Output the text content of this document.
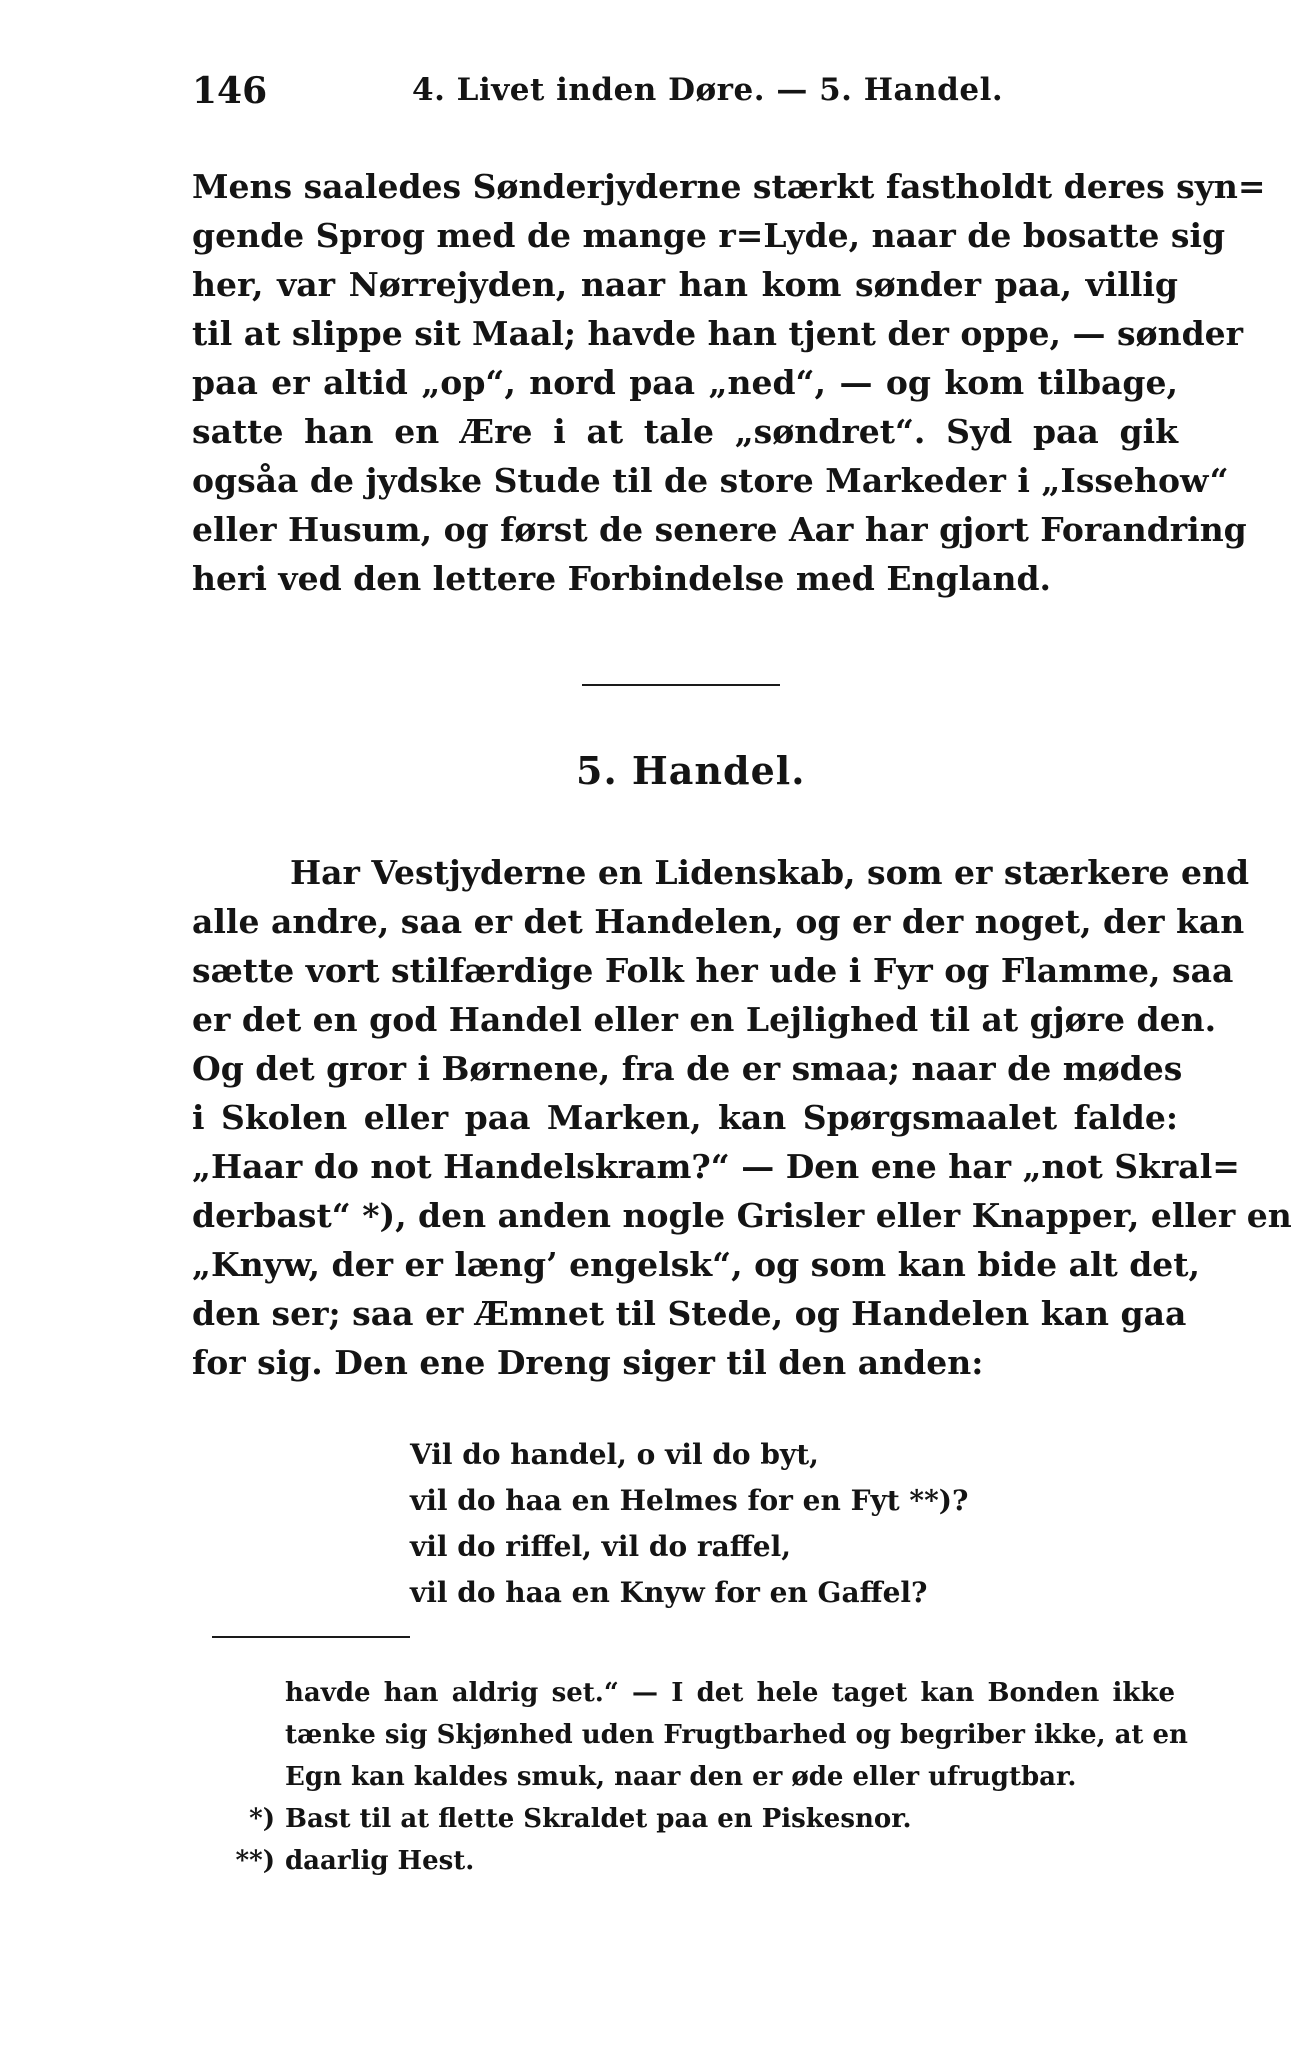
146	4. Livet inden Døre. — 5. Handel.
Mens saaledes Sønderjyderne stærkt fastholdt deres syn=
gende Sprog med de mange r=Lyde, naar de bosatte sig
her, var Nørrejyden, naar han kom sønder paa, villig
til at slippe sit Maal; havde han tjent der oppe, — sønder
paa er altid „op“, nord paa „ned“, — og kom tilbage,
satte han en Ære i at tale „søndret“. Syd paa gik
ogsåa de jydske Stude til de store Markeder i „Issehow“
eller Husum, og først de senere Aar har gjort Forandring
heri ved den lettere Forbindelse med England.
5. Handel.
Har Vestjyderne en Lidenskab, som er stærkere end
alle andre, saa er det Handelen, og er der noget, der kan
sætte vort stilfærdige Folk her ude i Fyr og Flamme, saa
er det en god Handel eller en Lejlighed til at gjøre den.
Og det gror i Børnene, fra de er smaa; naar de mødes
i Skolen eller paa Marken, kan Spørgsmaalet falde:
„Haar do not Handelskram?“ — Den ene har „not Skral=
derbast“ *), den anden nogle Grisler eller Knapper, eller en
„Knyw, der er læng’ engelsk“, og som kan bide alt det,
den ser; saa er Æmnet til Stede, og Handelen kan gaa
for sig. Den ene Dreng siger til den anden:
Vil do handel, o vil do byt,
vil do haa en Helmes for en Fyt **)?
vil do riffel, vil do raffel,
vil do haa en Knyw for en Gaffel?
havde han aldrig set.“ — I det hele taget kan Bonden ikke
tænke sig Skjønhed uden Frugtbarhed og begriber ikke, at en
Egn kan kaldes smuk, naar den er øde eller ufrugtbar.
*) Bast til at flette Skraldet paa en Piskesnor.
**) daarlig Hest.
